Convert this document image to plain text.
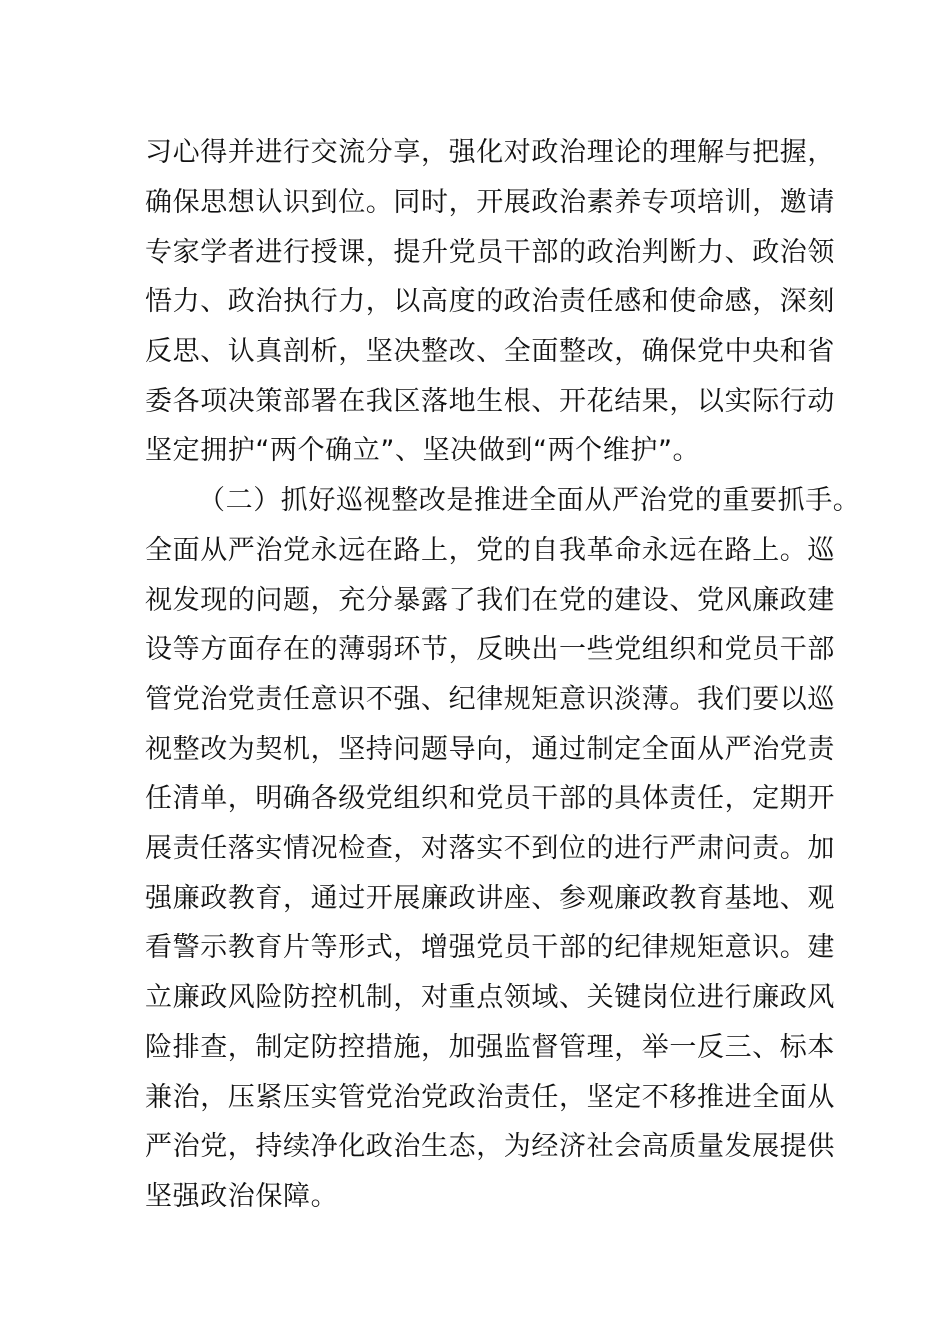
习心得并进行交流分享，强化对政治理论的理解与把握，
确保思想认识到位。同时，开展政治素养专项培训，邀请
专家学者进行授课，提升党员干部的政治判断力、政治领
悟力、政治执行力，以高度的政治责任感和使命感，深刻
反思、认真剖析，坚决整改、全面整改，确保党中央和省
委各项决策部署在我区落地生根、开花结果，以实际行动
坚定拥护“两个确立”、坚决做到“两个维护”。
（二）抓好巡视整改是推进全面从严治党的重要抓手。
全面从严治党永远在路上，党的自我革命永远在路上。巡
视发现的问题，充分暴露了我们在党的建设、党风廉政建
设等方面存在的薄弱环节，反映出一些党组织和党员干部
管党治党责任意识不强、纪律规矩意识淡薄。我们要以巡
视整改为契机，坚持问题导向，通过制定全面从严治党责
任清单，明确各级党组织和党员干部的具体责任，定期开
展责任落实情况检查，对落实不到位的进行严肃问责。加
强廉政教育，通过开展廉政讲座、参观廉政教育基地、观
看警示教育片等形式，增强党员干部的纪律规矩意识。建
立廉政风险防控机制，对重点领域、关键岗位进行廉政风
险排查，制定防控措施，加强监督管理，举一反三、标本
兼治，压紧压实管党治党政治责任，坚定不移推进全面从
严治党，持续净化政治生态，为经济社会高质量发展提供
坚强政治保障。
